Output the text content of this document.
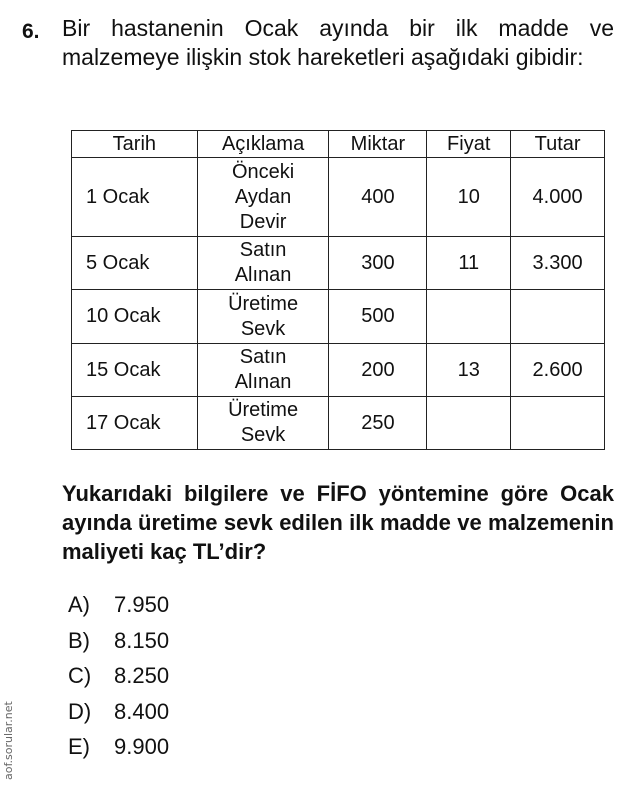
6. Bir hastanenin Ocak ayında bir ilk madde ve malzemeye ilişkin stok hareketleri aşağıdaki gibidir:
Tarih	Açıklama	Miktar	Fiyat	Tutar
1 Ocak	Önceki
Aydan
Devir	400	10	4.000
5 Ocak	Satın
Alınan	300	11	3.300
10 Ocak	Üretime
Sevk	500		
15 Ocak	Satın
Alınan	200	13	2.600
17 Ocak	Üretime
Sevk	250		
Yukarıdaki bilgilere ve FİFO yöntemine göre Ocak ayında üretime sevk edilen ilk madde ve malzemenin maliyeti kaç TL’dir?
A)	7.950
B)	8.150
C)	8.250
D)	8.400
E)	9.900
aof.sorular.net
